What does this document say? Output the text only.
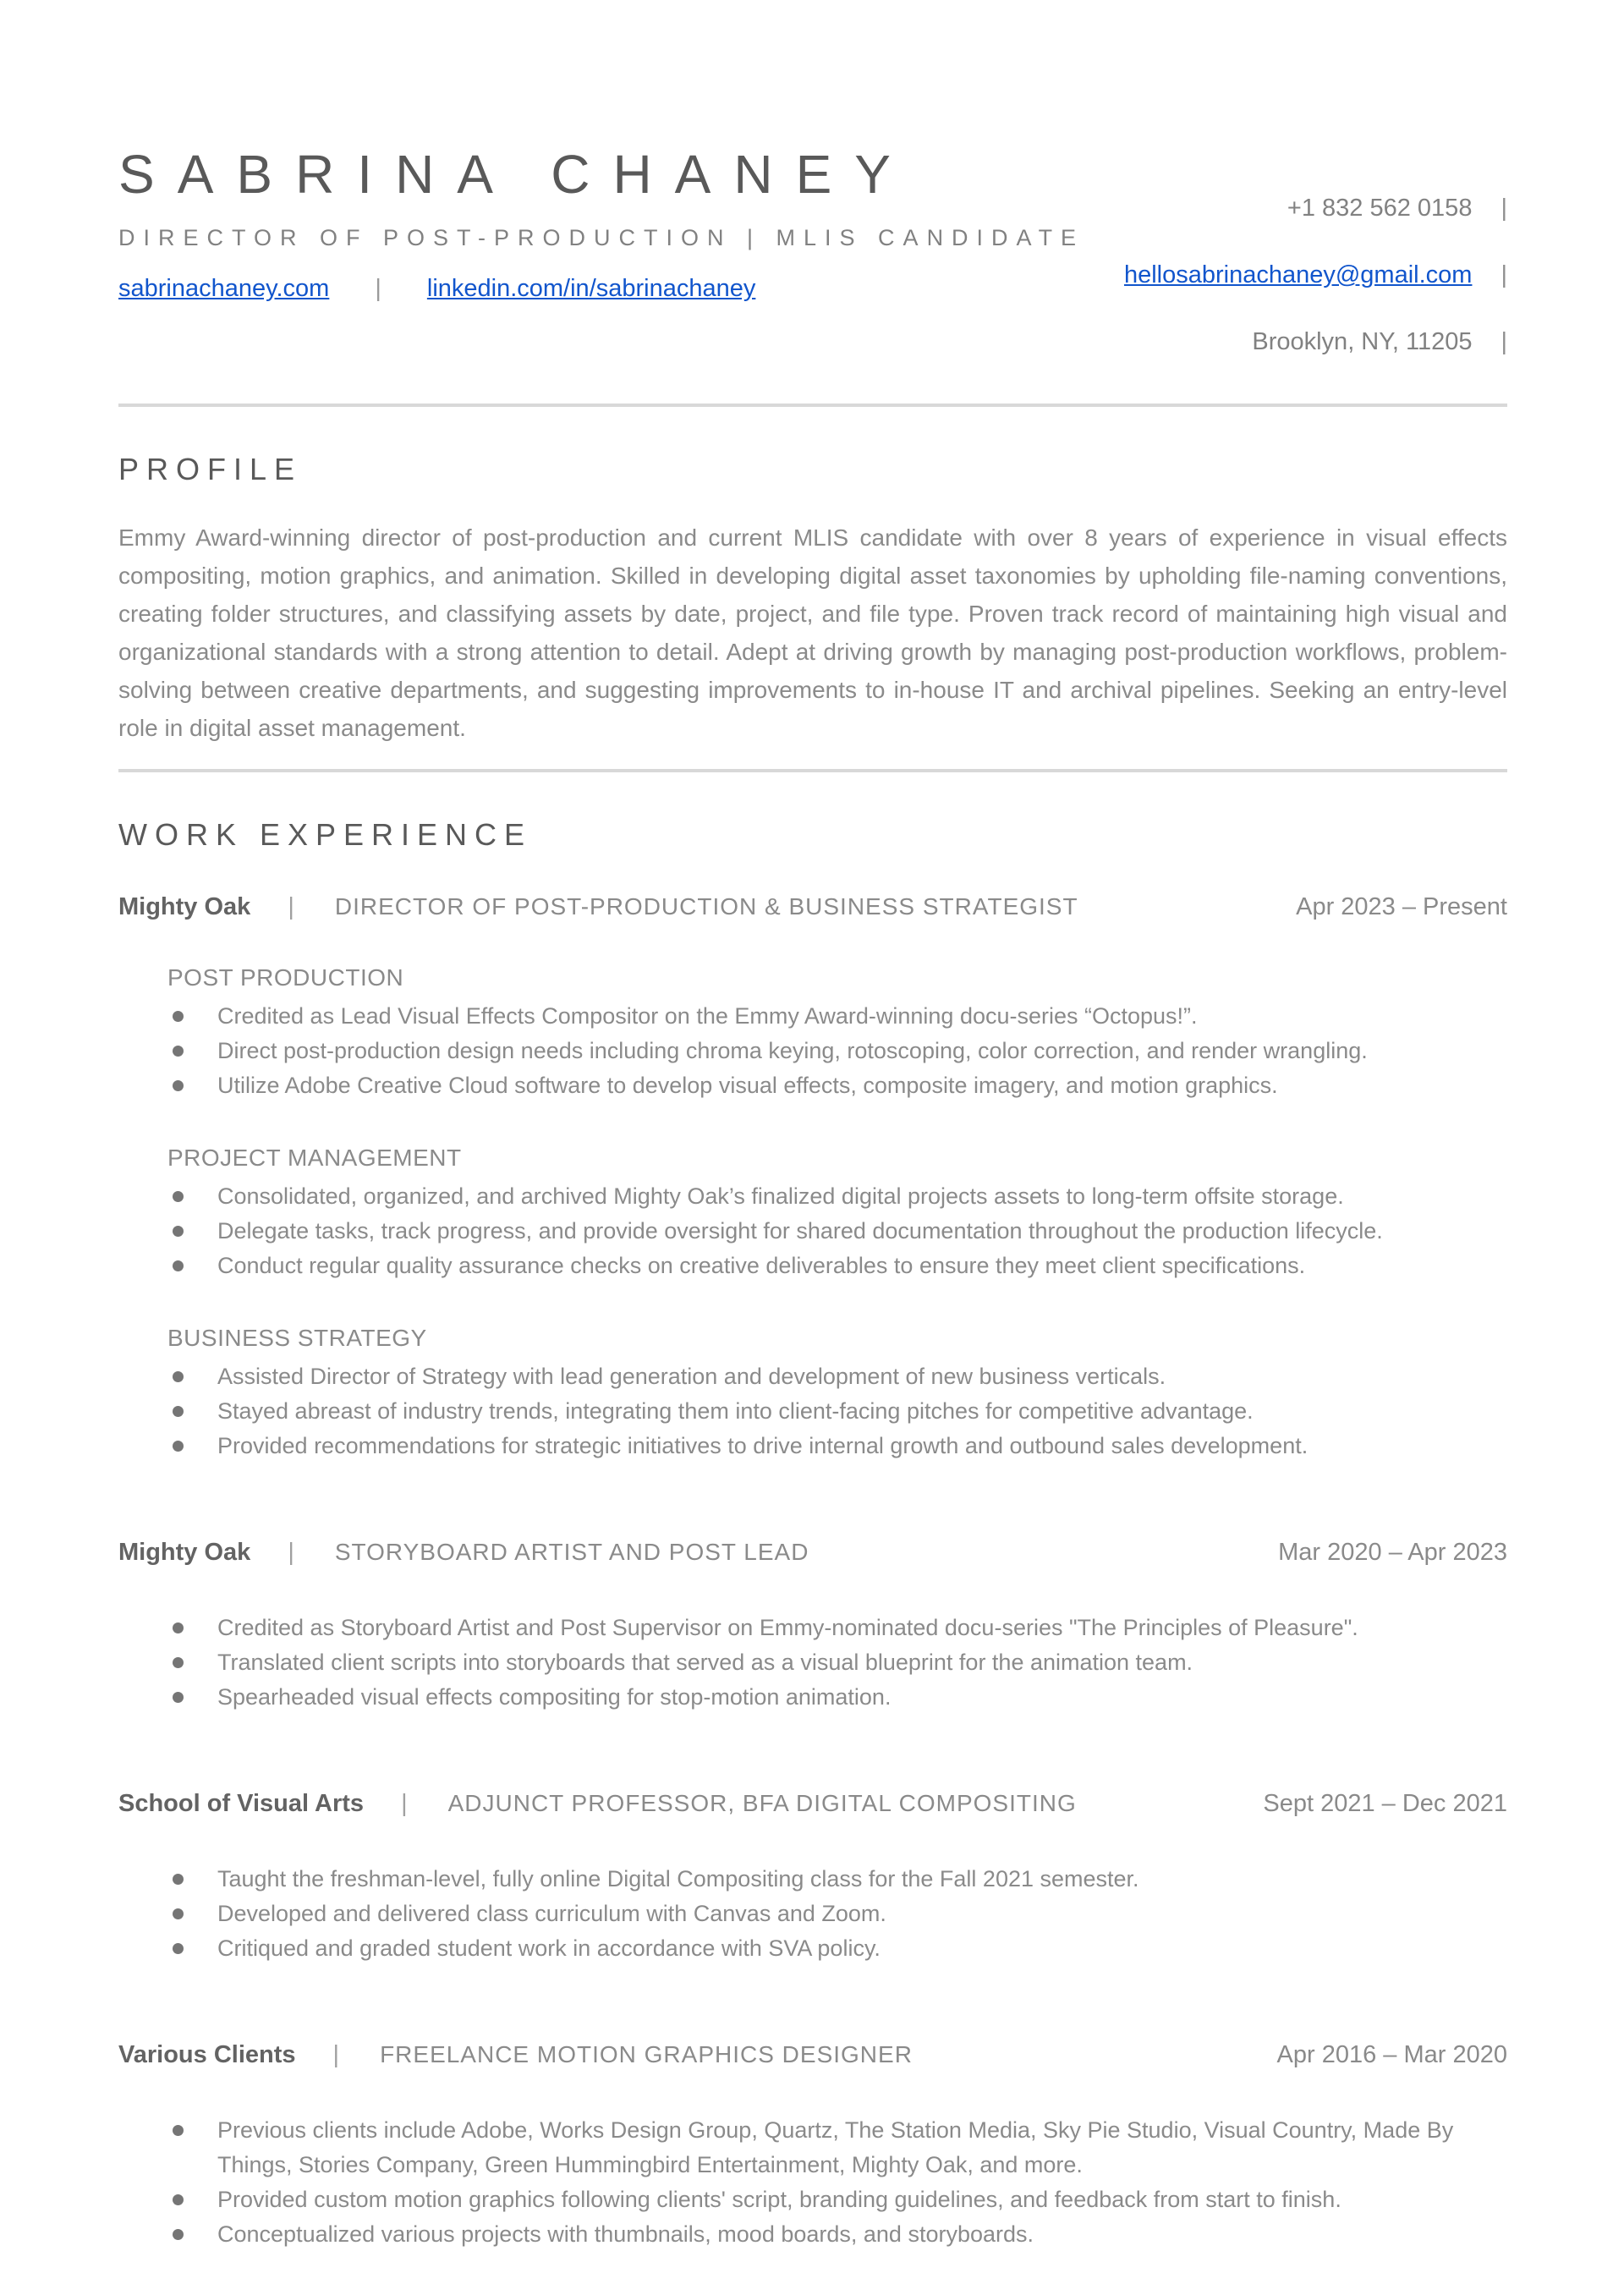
SABRINA CHANEY
DIRECTOR OF POST-PRODUCTION | MLIS CANDIDATE
sabrinachaney.com | linkedin.com/in/sabrinachaney
+1 832 562 0158 |
hellosabrinachaney@gmail.com |
Brooklyn, NY, 11205 |
PROFILE

Emmy Award-winning director of post-production and current MLIS candidate with over 8 years of experience in visual effects compositing, motion graphics, and animation. Skilled in developing digital asset taxonomies by upholding file-naming conventions, creating folder structures, and classifying assets by date, project, and file type. Proven track record of maintaining high visual and organizational standards with a strong attention to detail. Adept at driving growth by managing post-production workflows, problem-solving between creative departments, and suggesting improvements to in-house IT and archival pipelines. Seeking an entry-level role in digital asset management.

WORK EXPERIENCE
Mighty Oak | DIRECTOR OF POST-PRODUCTION & BUSINESS STRATEGIST	Apr 2023 – Present
POST PRODUCTION
Credited as Lead Visual Effects Compositor on the Emmy Award-winning docu-series “Octopus!”.
Direct post-production design needs including chroma keying, rotoscoping, color correction, and render wrangling.
Utilize Adobe Creative Cloud software to develop visual effects, composite imagery, and motion graphics.
PROJECT MANAGEMENT
Consolidated, organized, and archived Mighty Oak’s finalized digital projects assets to long-term offsite storage.
Delegate tasks, track progress, and provide oversight for shared documentation throughout the production lifecycle.
Conduct regular quality assurance checks on creative deliverables to ensure they meet client specifications.
BUSINESS STRATEGY
Assisted Director of Strategy with lead generation and development of new business verticals.
Stayed abreast of industry trends, integrating them into client-facing pitches for competitive advantage.
Provided recommendations for strategic initiatives to drive internal growth and outbound sales development.
Mighty Oak | STORYBOARD ARTIST AND POST LEAD	Mar 2020 – Apr 2023
Credited as Storyboard Artist and Post Supervisor on Emmy-nominated docu-series "The Principles of Pleasure".
Translated client scripts into storyboards that served as a visual blueprint for the animation team.
Spearheaded visual effects compositing for stop-motion animation.
School of Visual Arts | ADJUNCT PROFESSOR, BFA DIGITAL COMPOSITING	Sept 2021 – Dec 2021
Taught the freshman-level, fully online Digital Compositing class for the Fall 2021 semester.
Developed and delivered class curriculum with Canvas and Zoom.
Critiqued and graded student work in accordance with SVA policy.
Various Clients | FREELANCE MOTION GRAPHICS DESIGNER	Apr 2016 – Mar 2020
Previous clients include Adobe, Works Design Group, Quartz, The Station Media, Sky Pie Studio, Visual Country, Made By Things, Stories Company, Green Hummingbird Entertainment, Mighty Oak, and more.
Provided custom motion graphics following clients' script, branding guidelines, and feedback from start to finish.
Conceptualized various projects with thumbnails, mood boards, and storyboards.
